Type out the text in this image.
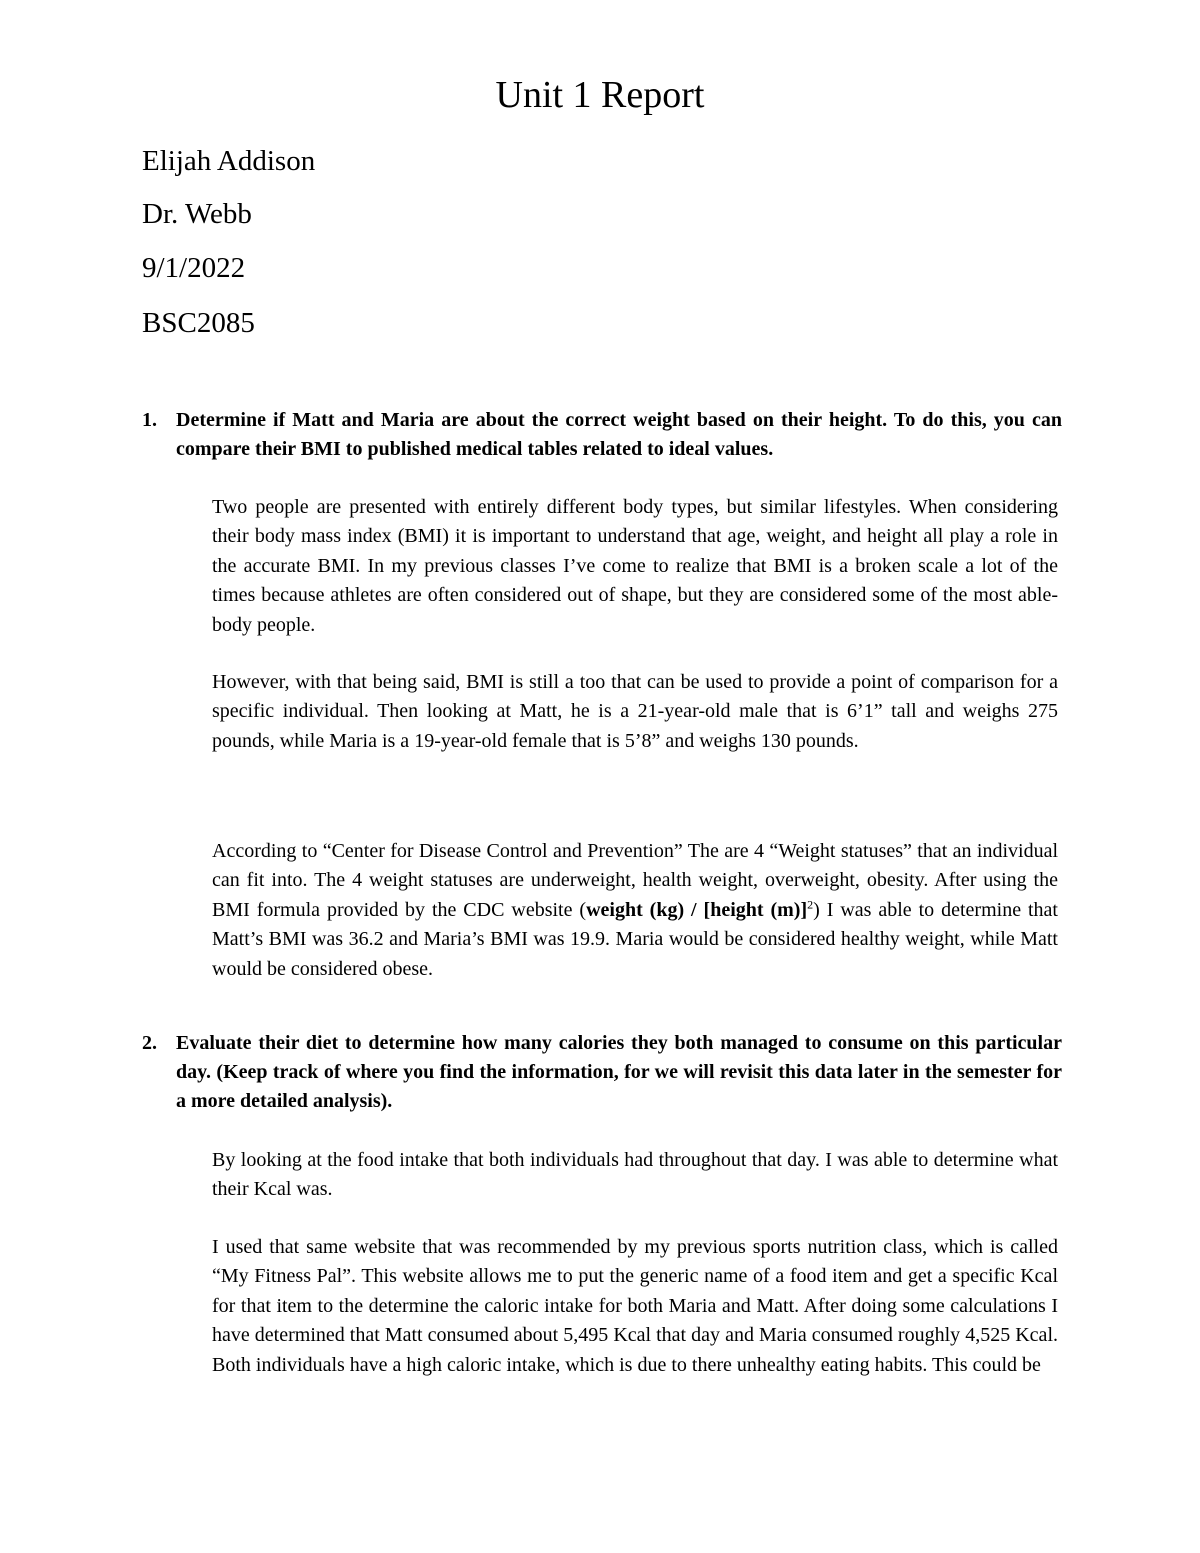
Unit 1 Report
Elijah Addison
Dr. Webb
9/1/2022
BSC2085
1. Determine if Matt and Maria are about the correct weight based on their height. To do this, you can compare their BMI to published medical tables related to ideal values.
Two people are presented with entirely different body types, but similar lifestyles. When considering their body mass index (BMI) it is important to understand that age, weight, and height all play a role in the accurate BMI. In my previous classes I’ve come to realize that BMI is a broken scale a lot of the times because athletes are often considered out of shape, but they are considered some of the most able-body people.
However, with that being said, BMI is still a too that can be used to provide a point of comparison for a specific individual. Then looking at Matt, he is a 21-year-old male that is 6’1” tall and weighs 275 pounds, while Maria is a 19-year-old female that is 5’8” and weighs 130 pounds.
According to “Center for Disease Control and Prevention” The are 4 “Weight statuses” that an individual can fit into. The 4 weight statuses are underweight, health weight, overweight, obesity. After using the BMI formula provided by the CDC website (weight (kg) / [height (m)]$^2$) I was able to determine that Matt’s BMI was 36.2 and Maria’s BMI was 19.9. Maria would be considered healthy weight, while Matt would be considered obese.
2. Evaluate their diet to determine how many calories they both managed to consume on this particular day. (Keep track of where you find the information, for we will revisit this data later in the semester for a more detailed analysis).
By looking at the food intake that both individuals had throughout that day. I was able to determine what their Kcal was.
I used that same website that was recommended by my previous sports nutrition class, which is called “My Fitness Pal”. This website allows me to put the generic name of a food item and get a specific Kcal for that item to the determine the caloric intake for both Maria and Matt. After doing some calculations I have determined that Matt consumed about 5,495 Kcal that day and Maria consumed roughly 4,525 Kcal. Both individuals have a high caloric intake, which is due to there unhealthy eating habits. This could be
